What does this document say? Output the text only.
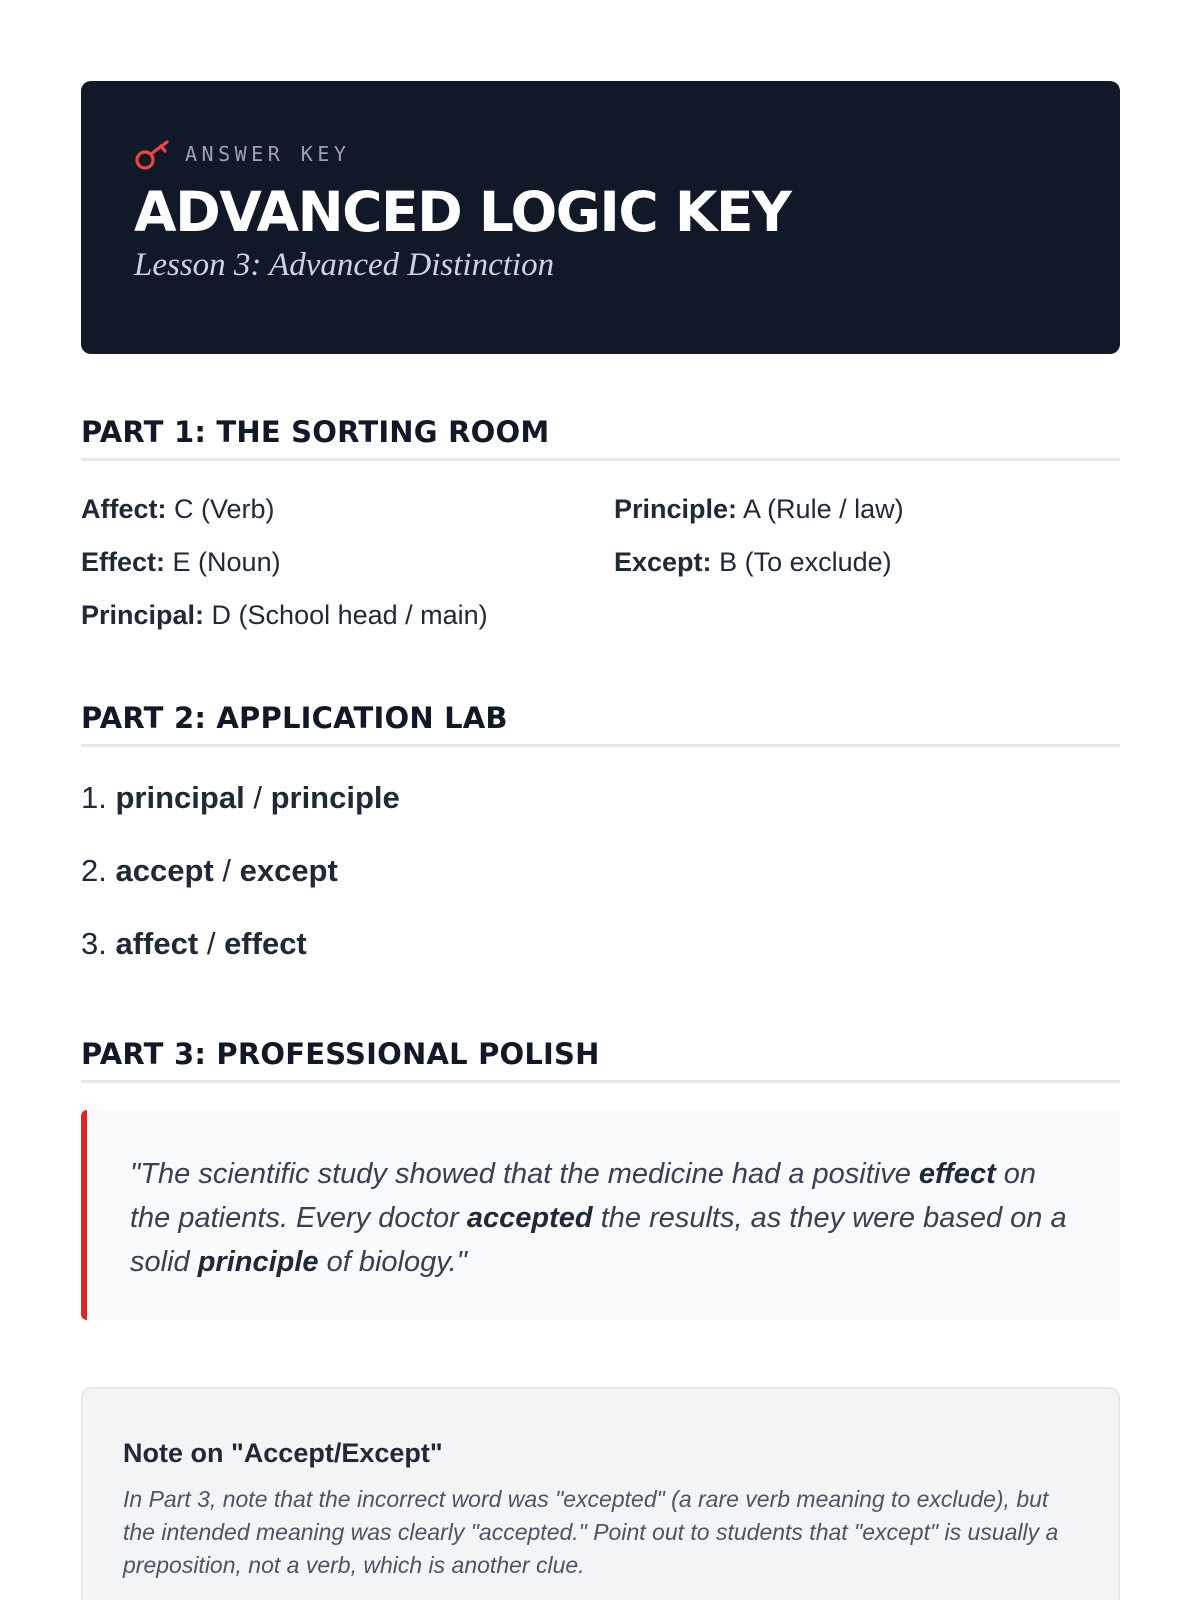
ANSWER KEY
ADVANCED LOGIC KEY
Lesson 3: Advanced Distinction
PART 1: THE SORTING ROOM
Affect: C (Verb)	Principle: A (Rule / law)
Effect: E (Noun)	Except: B (To exclude)
Principal: D (School head / main)
PART 2: APPLICATION LAB
1. principal / principle
2. accept / except
3. affect / effect
PART 3: PROFESSIONAL POLISH

"The scientific study showed that the medicine had a positive effect on the patients. Every doctor accepted the results, as they were based on a solid principle of biology."

Note on "Accept/Except"
In Part 3, note that the incorrect word was "excepted" (a rare verb meaning to exclude), but the intended meaning was clearly "accepted." Point out to students that "except" is usually a preposition, not a verb, which is another clue.
